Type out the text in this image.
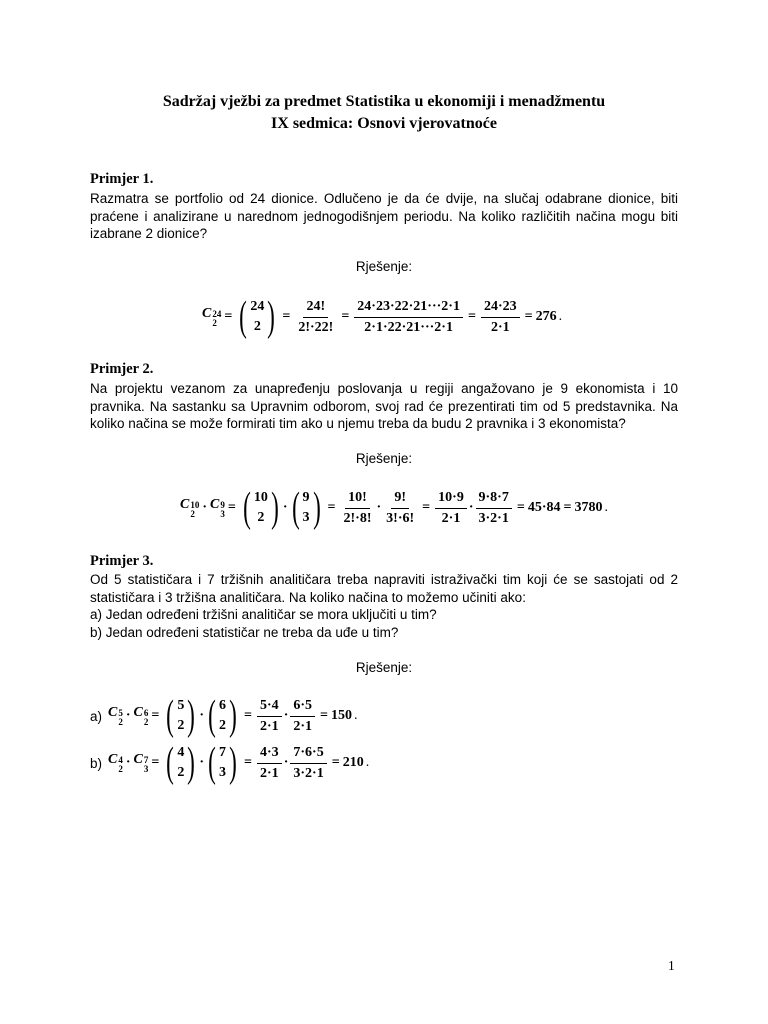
Sadržaj vježbi za predmet Statistika u ekonomiji i menadžmentu
IX sedmica: Osnovi vjerovatnoće
Primjer 1.
Razmatra se portfolio od 24 dionice. Odlučeno je da će dvije, na slučaj odabrane dionice, biti praćene i analizirane u narednom jednogodišnjem periodu. Na koliko različitih načina mogu biti izabrane 2 dionice?
Rješenje:
C 24
2 = ( 24
2 ) = $\frac{24!}{2!\cdot 22!} = \frac{24\cdot 23\cdot 22\cdot 21\cdot\cdot\cdot 2\cdot 1}{2\cdot 1\cdot 22\cdot 21\cdot\cdot\cdot 2\cdot 1} = \frac{24\cdot 23}{2\cdot 1} = 276$ .
Primjer 2.
Na projektu vezanom za unapređenju poslovanja u regiji angažovano je 9 ekonomista i 10 pravnika. Na sastanku sa Upravnim odborom, svoj rad će prezentirati tim od 5 predstavnika. Na koliko načina se može formirati tim ako u njemu treba da budu 2 pravnika i 3 ekonomista?
Rješenje:
C 10
2 · C 9
3 = ( 10
2 ) · ( 9
3 ) = $\frac{10!}{2!\cdot 8!} \cdot \frac{9!}{3!\cdot 6!} = \frac{10\cdot 9}{2\cdot 1} \cdot \frac{9\cdot 8\cdot 7}{3\cdot 2\cdot 1} = 45\cdot 84 = 3780$ .
Primjer 3.
Od 5 statističara i 7 tržišnih analitičara treba napraviti istraživački tim koji će se sastojati od 2 statističara i 3 tržišna analitičara. Na koliko načina to možemo učiniti ako:
a) Jedan određeni tržišni analitičar se mora uključiti u tim?
b) Jedan određeni statističar ne treba da uđe u tim?
Rješenje:
a) C 5
2 · C 6
2 = ( 5
2 ) · ( 6
2 ) = $\frac{5\cdot 4}{2\cdot 1} \cdot \frac{6\cdot 5}{2\cdot 1} = 150$ .
b) C 4
2 · C 7
3 = ( 4
2 ) · ( 7
3 ) = $\frac{4\cdot 3}{2\cdot 1} \cdot \frac{7\cdot 6\cdot 5}{3\cdot 2\cdot 1} = 210$ .
1
